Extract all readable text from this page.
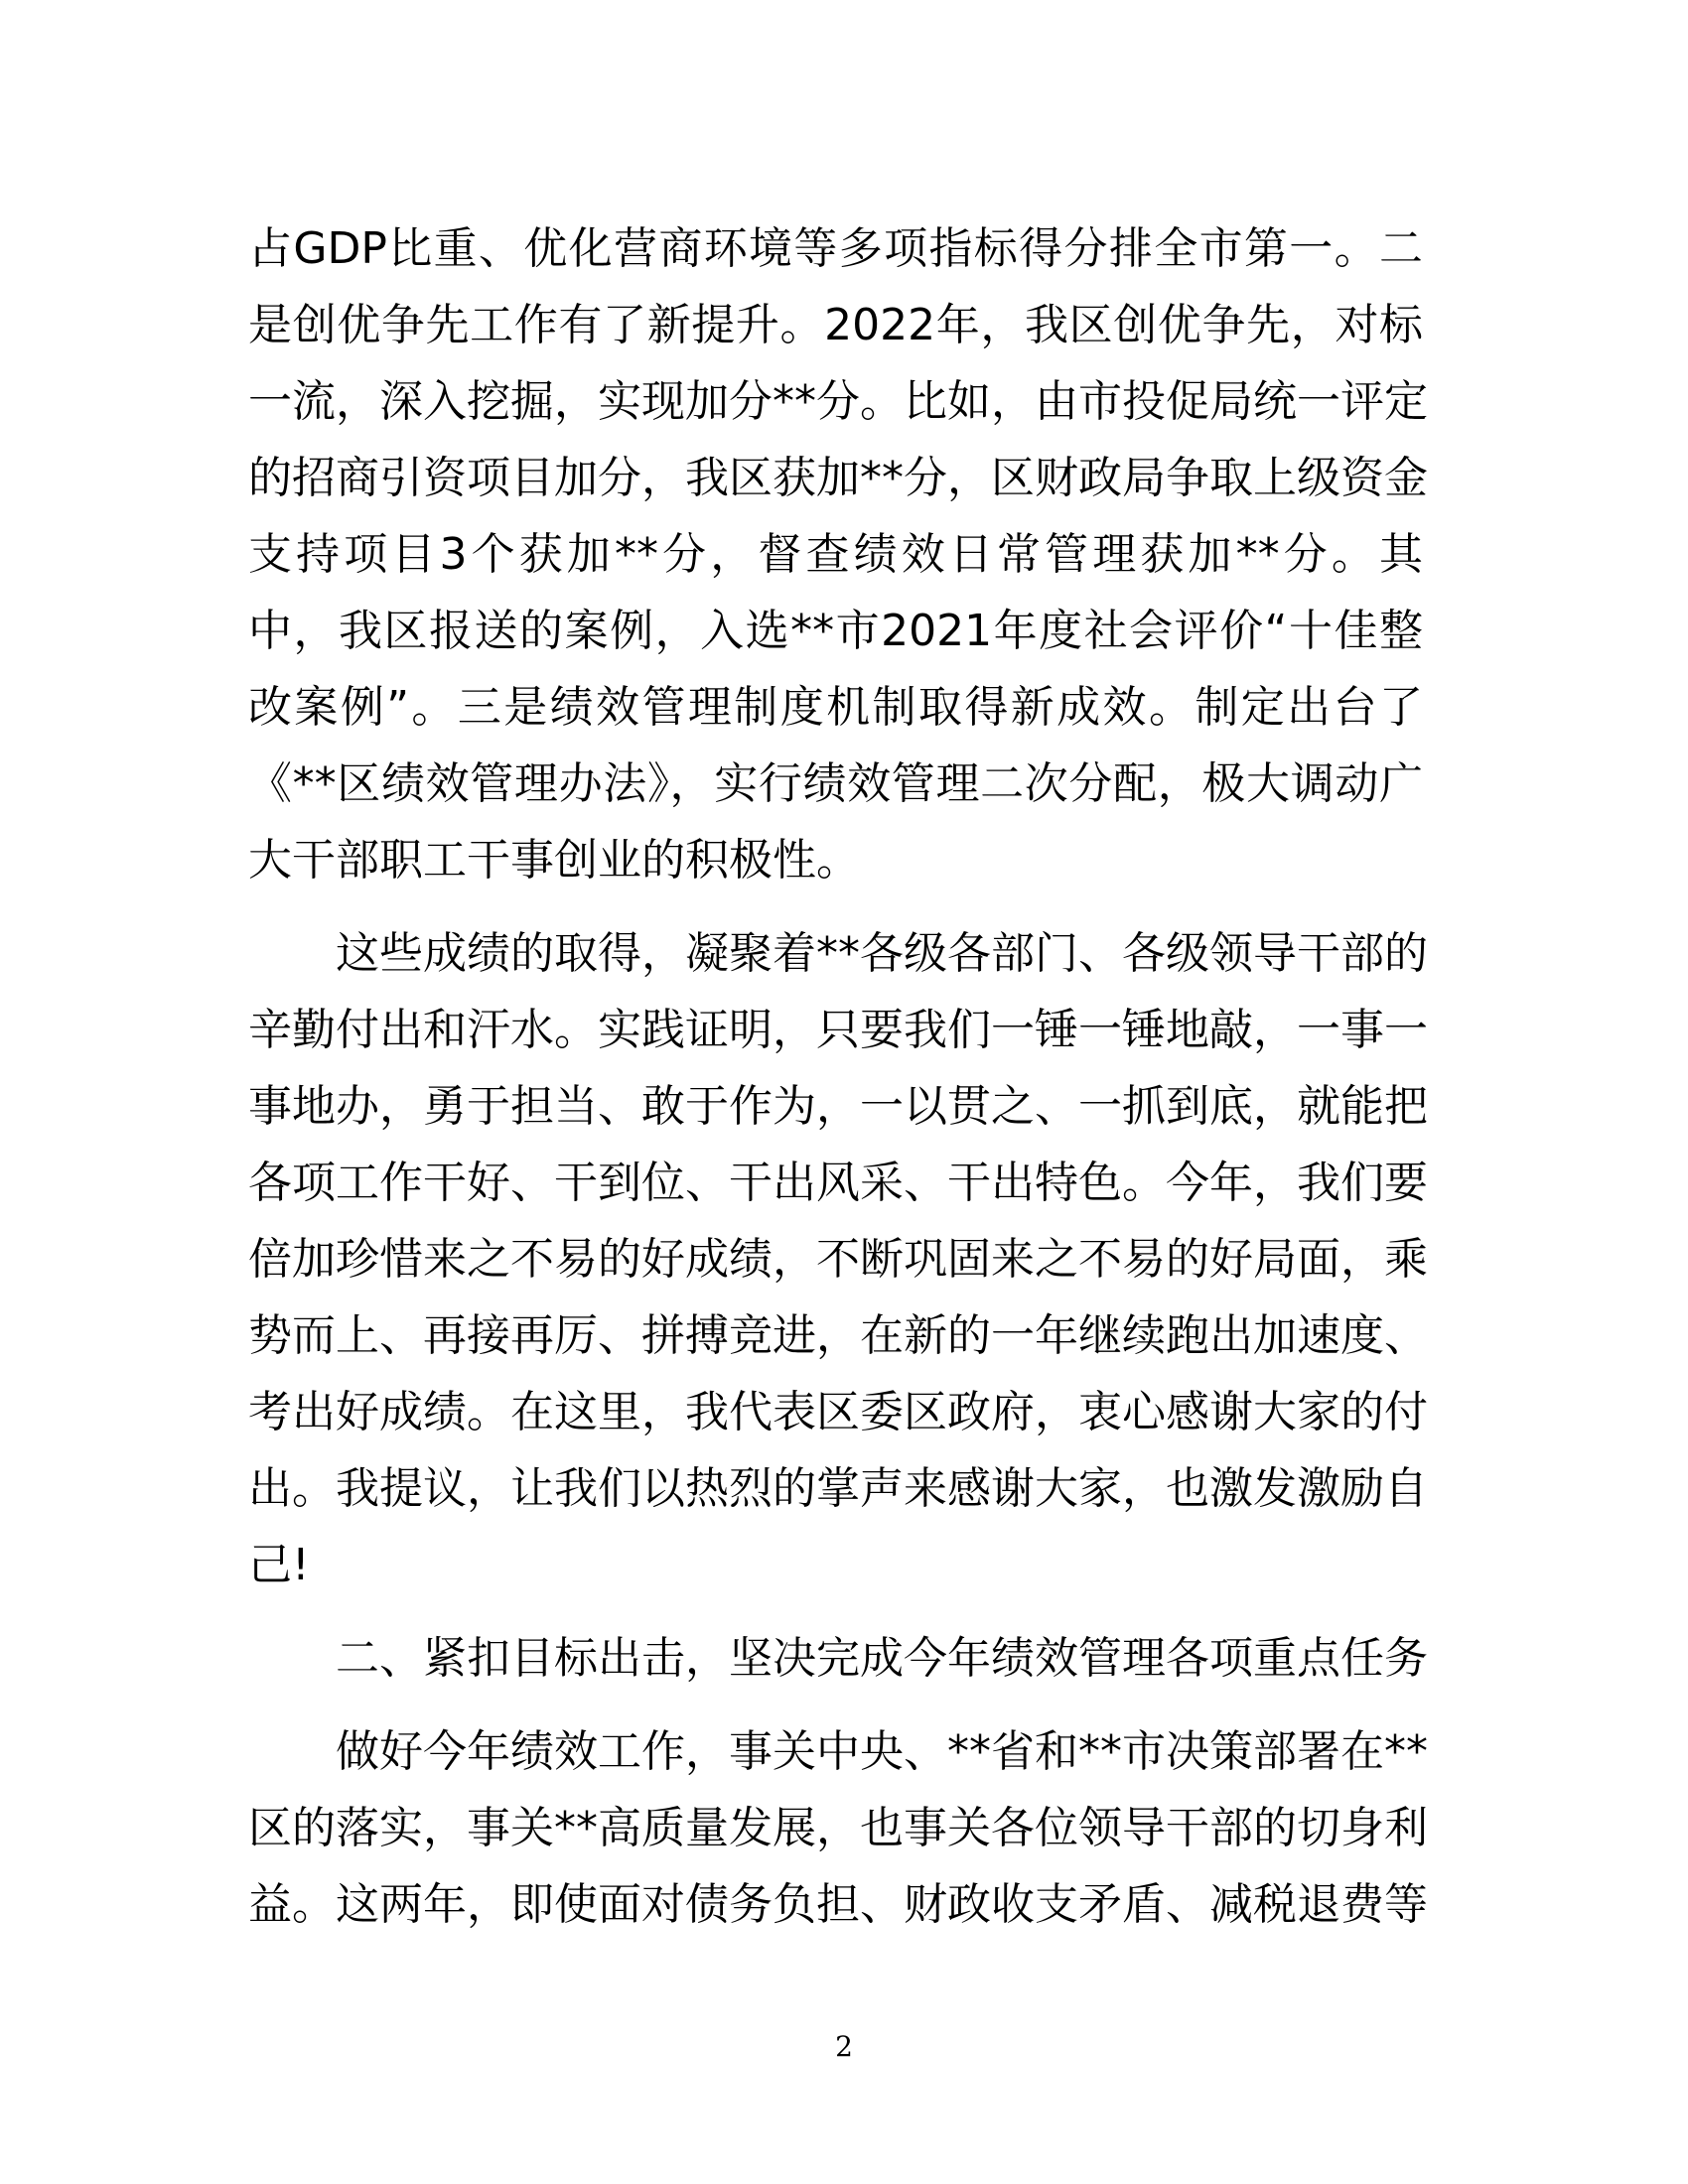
占GDP比重、优化营商环境等多项指标得分排全市第一。二
是创优争先工作有了新提升。2022年，我区创优争先，对标
一流，深入挖掘，实现加分**分。比如，由市投促局统一评定
的招商引资项目加分，我区获加**分，区财政局争取上级资金
支持项目3个获加**分，督查绩效日常管理获加**分。其
中，我区报送的案例，入选**市2021年度社会评价“十佳整
改案例”。三是绩效管理制度机制取得新成效。制定出台了
《**区绩效管理办法》，实行绩效管理二次分配，极大调动广
大干部职工干事创业的积极性。
这些成绩的取得，凝聚着**各级各部门、各级领导干部的
辛勤付出和汗水。实践证明，只要我们一锤一锤地敲，一事一
事地办，勇于担当、敢于作为，一以贯之、一抓到底，就能把
各项工作干好、干到位、干出风采、干出特色。今年，我们要
倍加珍惜来之不易的好成绩，不断巩固来之不易的好局面，乘
势而上、再接再厉、拼搏竞进，在新的一年继续跑出加速度、
考出好成绩。在这里，我代表区委区政府，衷心感谢大家的付
出。我提议，让我们以热烈的掌声来感谢大家，也激发激励自
己!
二、紧扣目标出击，坚决完成今年绩效管理各项重点任务
做好今年绩效工作，事关中央、**省和**市决策部署在**
区的落实，事关**高质量发展，也事关各位领导干部的切身利
益。这两年，即使面对债务负担、财政收支矛盾、减税退费等
2
